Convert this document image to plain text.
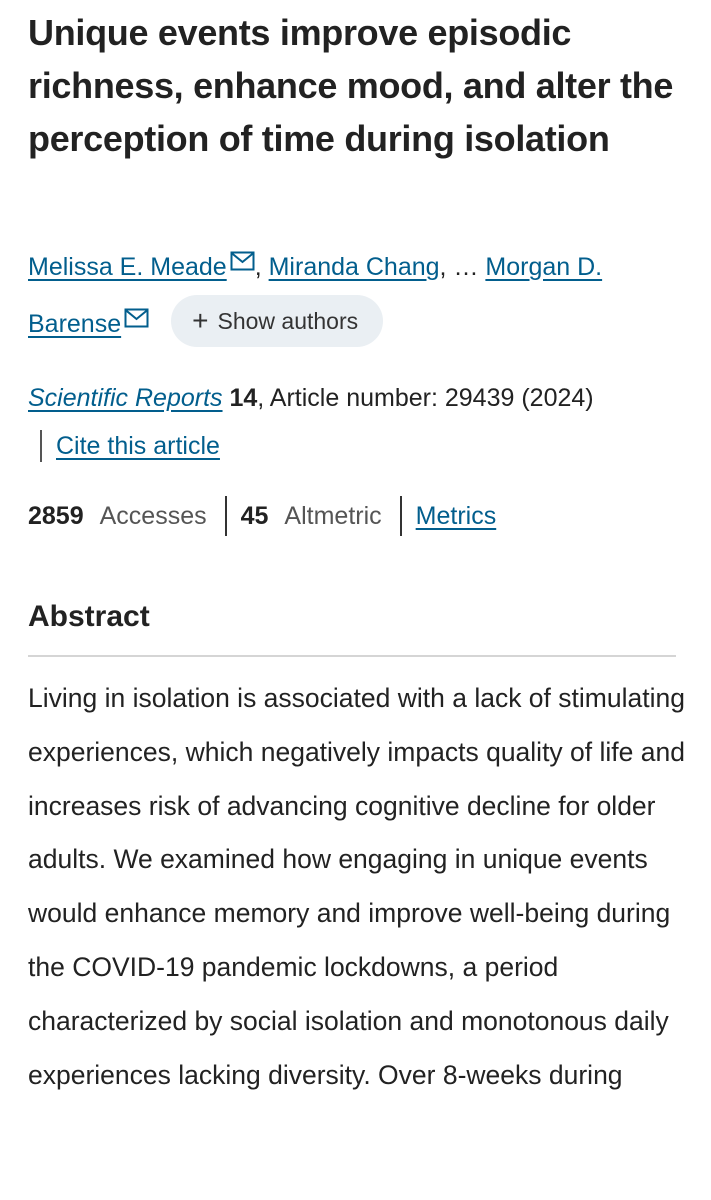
Unique events improve episodic richness, enhance mood, and alter the perception of time during isolation
Melissa E. Meade , Miranda Chang, … Morgan D. Barense	+ Show authors
Scientific Reports 14, Article number: 29439 (2024)
Cite this article
2859 Accesses 45 Altmetric Metrics
Abstract

Living in isolation is associated with a lack of stimulating experiences, which negatively impacts quality of life and increases risk of advancing cognitive decline for older adults. We examined how engaging in unique events would enhance memory and improve well-being during the COVID-19 pandemic lockdowns, a period characterized by social isolation and monotonous daily experiences lacking diversity. Over 8-weeks during
